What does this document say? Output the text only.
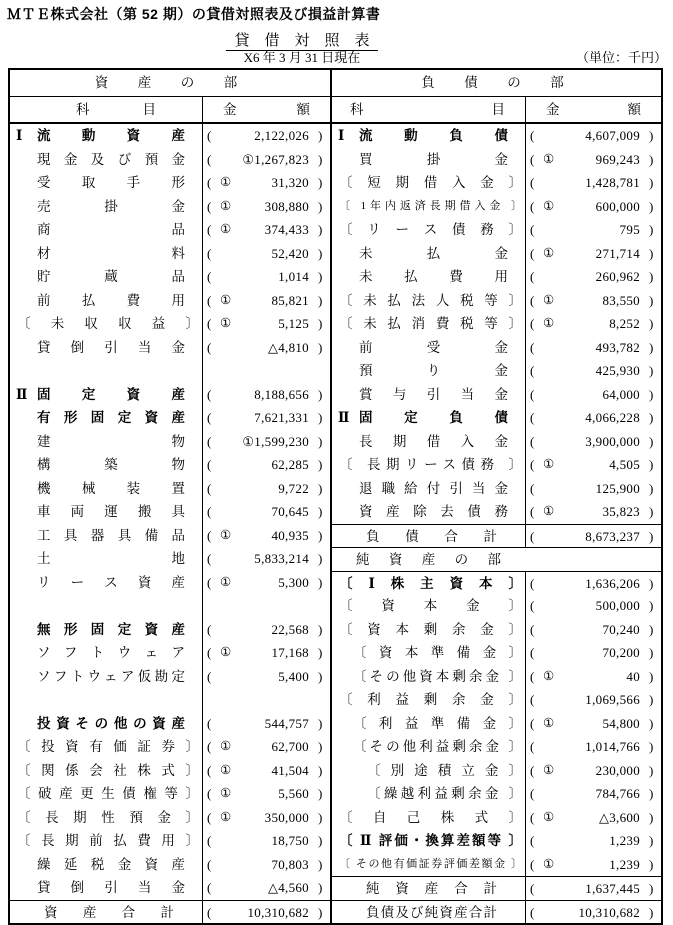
ＭＴＥ株式会社（第 52 期）の貸借対照表及び損益計算書
貸　借　対　照　表
X6 年 3 月 31 日現在	（単位：千円）
資　産　の　部
科 目	金 額
Ⅰ 流 動 資 産 (	2,122,026 )
現 金 及 び 預 金 (	①1,267,823 )
受 取 手 形 ( ①	31,320 )
売 掛 金 ( ①	308,880 )
商 品 ( ①	374,433 )
材 料 (	52,420 )
貯 蔵 品 (	1,014 )
前 払 費 用 ( ①	85,821 )
〔 未 収 収 益 〕 ( ①	5,125 )
貸 倒 引 当 金 (	△4,810 )
Ⅱ 固 定 資 産 (	8,188,656 )
有形固定資産 (	7,621,331 )
建 物 (	①1,599,230 )
構 築 物 (	62,285 )
機 械 装 置 (	9,722 )
車 両 運 搬 具 (	70,645 )
工 具 器 具 備 品 ( ①	40,935 )
土 地 (	5,833,214 )
リ ー ス 資 産 ( ①	5,300 )
無形固定資産 (	22,568 )
ソ フ ト ウ ェ ア ( ①	17,168 )
ソフトウェア仮勘定 (	5,400 )
投資その他の資産 (	544,757 )
〔 投 資 有 価 証 券 〕 ( ①	62,700 )
〔 関 係 会 社 株 式 〕 ( ①	41,504 )
〔 破 産 更 生 債 権 等 〕 ( ①	5,560 )
〔 長 期 性 預 金 〕 ( ①	350,000 )
〔 長 期 前 払 費 用 〕 (	18,750 )
繰 延 税 金 資 産 (	70,803 )
貸 倒 引 当 金 (	△4,560 )
資 産 合 計	(	10,310,682 )
負　債　の　部
科 目	金 額
Ⅰ 流 動 負 債 (	4,607,009 )
買 掛 金 ( ①	969,243 )
〔 短 期 借 入 金 〕 (	1,428,781 )
〔 1年内返済長期借入金 〕 ( ①	600,000 )
〔 リ ー ス 債 務 〕 (	795 )
未 払 金 ( ①	271,714 )
未 払 費 用 (	260,962 )
〔 未 払 法 人 税 等 〕 ( ①	83,550 )
〔 未 払 消 費 税 等 〕 ( ①	8,252 )
前 受 金 (	493,782 )
預 り 金 (	425,930 )
賞 与 引 当 金 (	64,000 )
Ⅱ 固 定 負 債 (	4,066,228 )
長 期 借 入 金 (	3,900,000 )
〔 長期リース債務 〕 ( ①	4,505 )
退 職 給 付 引 当 金 (	125,900 )
資 産 除 去 債 務 ( ①	35,823 )
負 債 合 計	(	8,673,237 )
純 資 産 の 部
〔 Ⅰ 株 主 資 本 〕 (	1,636,206 )
〔 資 本 金 〕 (	500,000 )
〔 資 本 剰 余 金 〕 (	70,240 )
〔 資 本 準 備 金 〕 (	70,200 )
〔その他資本剰余金 〕 ( ①	40 )
〔 利 益 剰 余 金 〕 (	1,069,566 )
〔 利 益 準 備 金 〕 ( ①	54,800 )
〔その他利益剰余金 〕 (	1,014,766 )
〔 別 途 積 立 金 〕 ( ①	230,000 )
〔繰越利益剰余金 〕 (	784,766 )
〔 自 己 株 式 〕 ( ①	△3,600 )
〔 Ⅱ 評価・換算差額等 〕 (	1,239 )
〔 その他有価証券評価差額金 〕 ( ①	1,239 )
純 資 産 合 計	(	1,637,445 )
負債及び純資産合計	(	10,310,682 )
